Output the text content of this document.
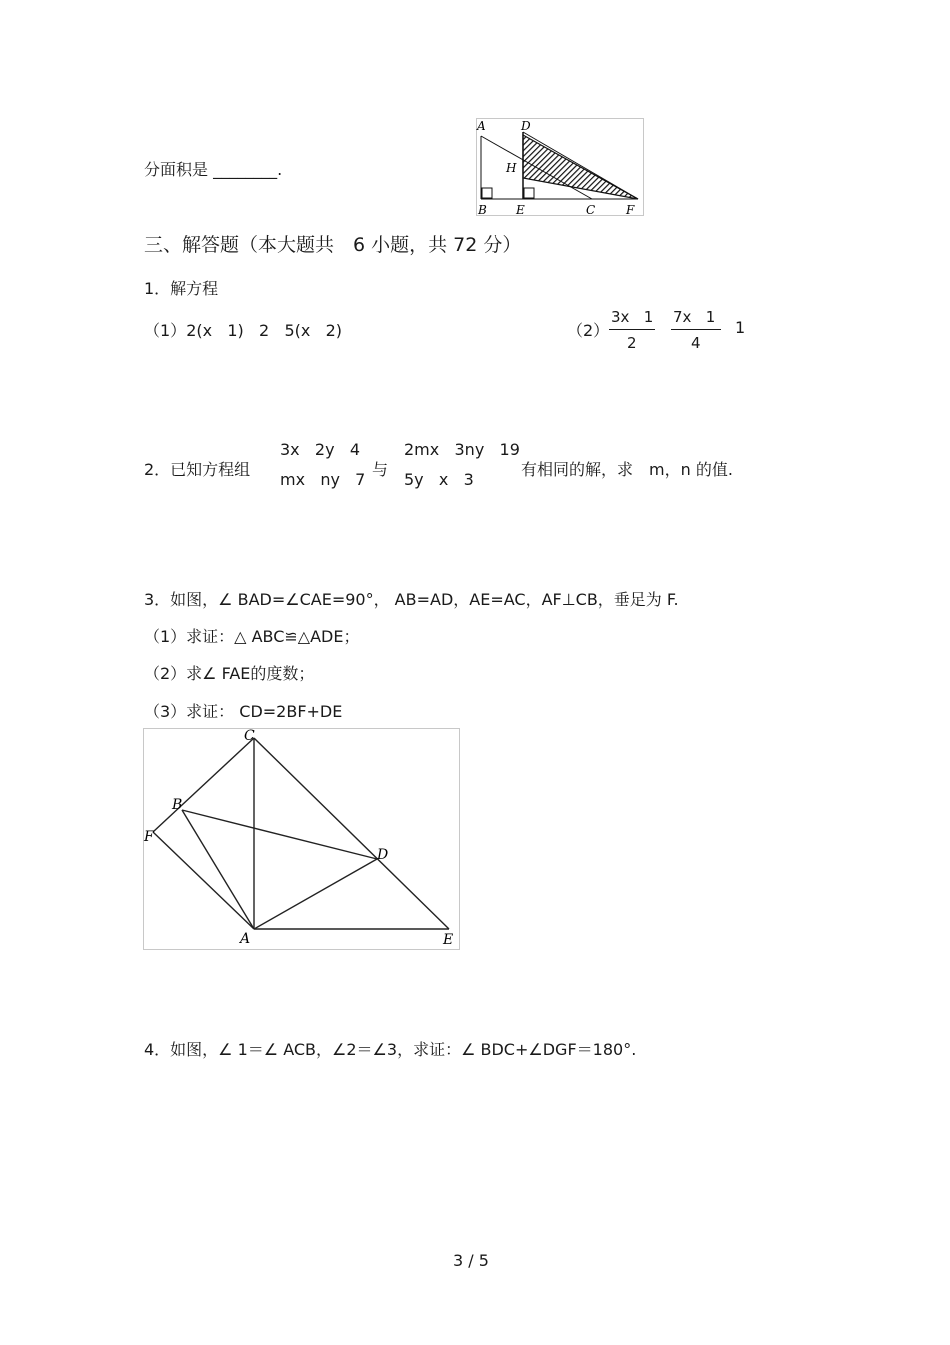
分面积是 ________.
A	D
H
B E	C	F
三、解答题（本大题共　6 小题，共 72 分）
1．解方程
（1）2(x   1)   2   5(x   2)	（2）
3x   1
2
7x   1
4
1
2．已知方程组
3x   2y   4
mx   ny   7
与
2mx   3ny   19
5y   x   3
有相同的解，求　m，n 的值.
3．如图，∠ BAD=∠CAE=90°， AB=AD，AE=AC，AF⊥CB，垂足为 F.
（1）求证：△ ABC≌△ADE；
（2）求∠ FAE的度数；
（3）求证： CD=2BF+DE
C
B
F
D
A	E
4．如图，∠ 1＝∠ ACB，∠2＝∠3，求证：∠ BDC+∠DGF＝180°.
3 / 5
